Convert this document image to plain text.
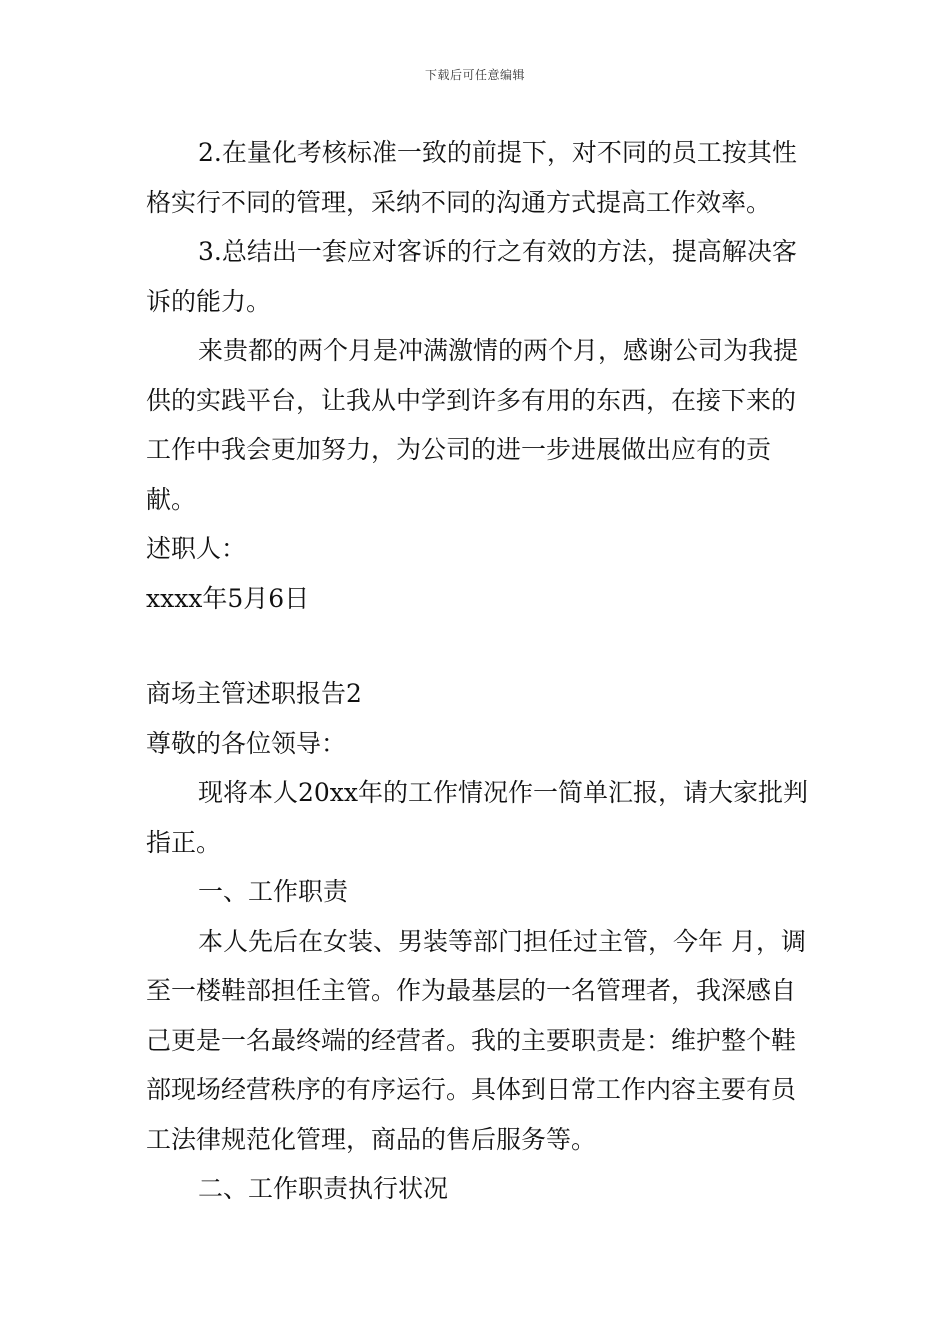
下载后可任意编辑

2.在量化考核标准一致的前提下，对不同的员工按其性格实行不同的管理，采纳不同的沟通方式提高工作效率。

3.总结出一套应对客诉的行之有效的方法，提高解决客诉的能力。

来贵都的两个月是冲满激情的两个月，感谢公司为我提供的实践平台，让我从中学到许多有用的东西，在接下来的工作中我会更加努力，为公司的进一步进展做出应有的贡献。

述职人：

xxxx年5月6日

商场主管述职报告2

尊敬的各位领导：

现将本人20xx年的工作情况作一简单汇报，请大家批判指正。

一、工作职责

本人先后在女装、男装等部门担任过主管，今年 月，调至一楼鞋部担任主管。作为最基层的一名管理者，我深感自己更是一名最终端的经营者。我的主要职责是：维护整个鞋部现场经营秩序的有序运行。具体到日常工作内容主要有员工法律规范化管理，商品的售后服务等。

二、工作职责执行状况
